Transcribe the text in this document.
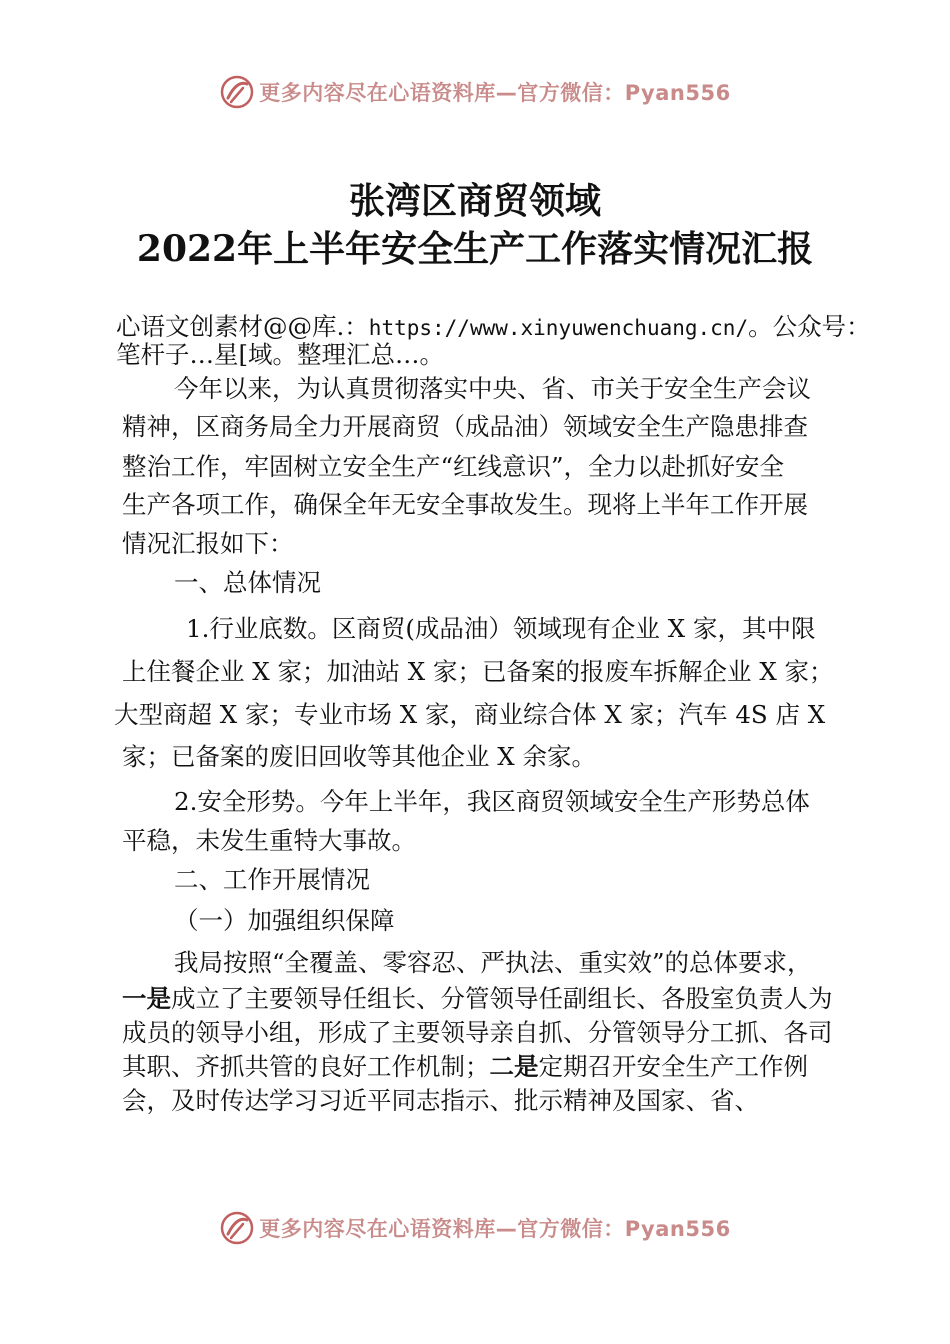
更多内容尽在心语资料库—官方微信：Pyan556
张湾区商贸领域
2022年上半年安全生产工作落实情况汇报
心语文创素材@@库.：https://www.xinyuwenchuang.cn/。公众号：
笔杆子…星[域。整理汇总…。
今年以来，为认真贯彻落实中央、省、市关于安全生产会议
精神，区商务局全力开展商贸（成品油）领域安全生产隐患排查
整治工作，牢固树立安全生产“红线意识”，全力以赴抓好安全
生产各项工作，确保全年无安全事故发生。现将上半年工作开展
情况汇报如下：
一、总体情况
1.行业底数。区商贸(成品油）领域现有企业 X 家，其中限
上住餐企业 X 家；加油站 X 家；已备案的报废车拆解企业 X 家；
大型商超 X 家；专业市场 X 家，商业综合体 X 家；汽车 4S 店 X
家；已备案的废旧回收等其他企业 X 余家。
2.安全形势。今年上半年，我区商贸领域安全生产形势总体
平稳，未发生重特大事故。
二、工作开展情况
（一）加强组织保障
我局按照“全覆盖、零容忍、严执法、重实效”的总体要求，
一是成立了主要领导任组长、分管领导任副组长、各股室负责人为
成员的领导小组，形成了主要领导亲自抓、分管领导分工抓、各司
其职、齐抓共管的良好工作机制；二是定期召开安全生产工作例
会，及时传达学习习近平同志指示、批示精神及国家、省、
更多内容尽在心语资料库—官方微信：Pyan556
